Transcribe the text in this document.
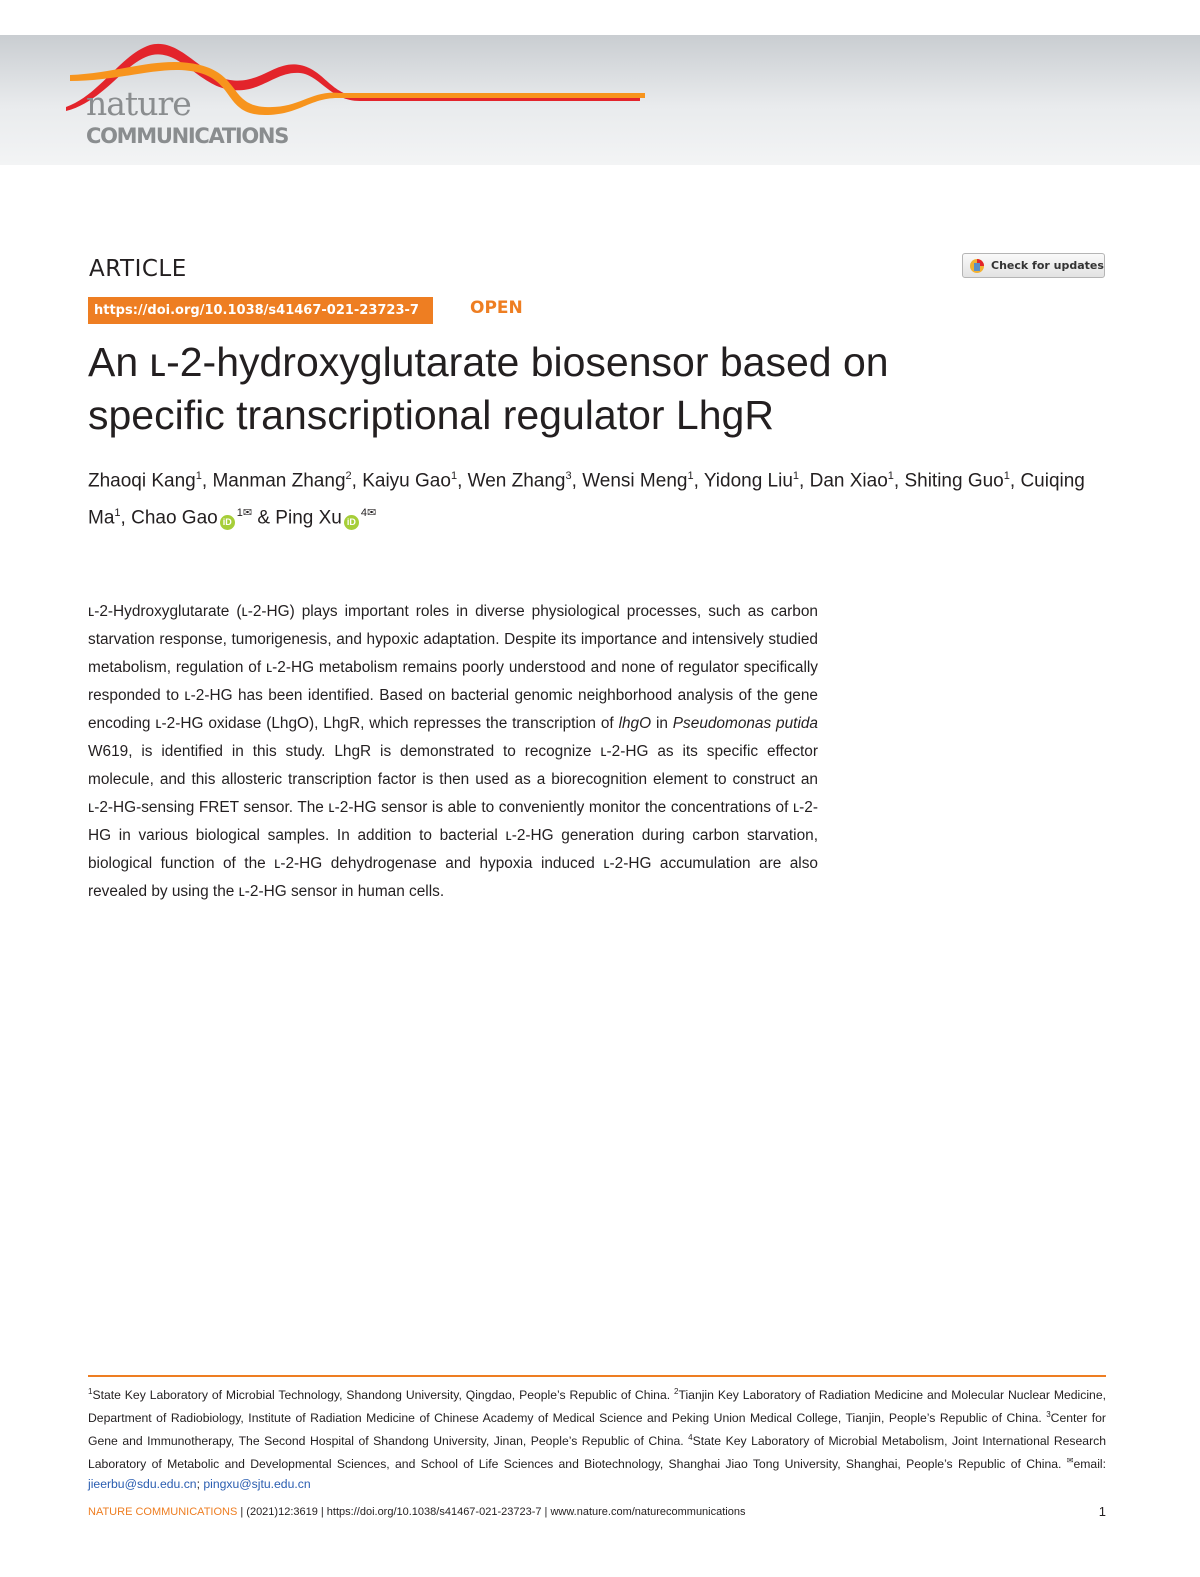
nature
COMMUNICATIONS
ARTICLE	Check for updates
https://doi.org/10.1038/s41467-021-23723-7	OPEN
An ʟ-2-hydroxyglutarate biosensor based on
specific transcriptional regulator LhgR
Zhaoqi Kang$^1$, Manman Zhang$^2$, Kaiyu Gao$^1$, Wen Zhang$^3$, Wensi Meng$^1$, Yidong Liu$^1$, Dan Xiao$^1$, Shiting Guo$^1$, Cuiqing Ma$^1$, Chao Gao $iD^{1✉}$ & Ping Xu $iD^{4✉}$

ʟ-2-Hydroxyglutarate (ʟ-2-HG) plays important roles in diverse physiological processes, such as carbon starvation response, tumorigenesis, and hypoxic adaptation. Despite its importance and intensively studied metabolism, regulation of ʟ-2-HG metabolism remains poorly understood and none of regulator specifically responded to ʟ-2-HG has been identified. Based on bacterial genomic neighborhood analysis of the gene encoding ʟ-2-HG oxidase (LhgO), LhgR, which represses the transcription of lhgO in Pseudomonas putida W619, is identified in this study. LhgR is demonstrated to recognize ʟ-2-HG as its specific effector molecule, and this allosteric transcription factor is then used as a biorecognition element to construct an ʟ-2-HG-sensing FRET sensor. The ʟ-2-HG sensor is able to conveniently monitor the concentrations of ʟ-2-HG in various biological samples. In addition to bacterial ʟ-2-HG generation during carbon starvation, biological function of the ʟ-2-HG dehydrogenase and hypoxia induced ʟ-2-HG accumulation are also revealed by using the ʟ-2-HG sensor in human cells.

$^1$State Key Laboratory of Microbial Technology, Shandong University, Qingdao, People’s Republic of China. $^2$Tianjin Key Laboratory of Radiation Medicine and Molecular Nuclear Medicine, Department of Radiobiology, Institute of Radiation Medicine of Chinese Academy of Medical Science and Peking Union Medical College, Tianjin, People’s Republic of China. $^3$Center for Gene and Immunotherapy, The Second Hospital of Shandong University, Jinan, People’s Republic of China. $^4$State Key Laboratory of Microbial Metabolism, Joint International Research Laboratory of Metabolic and Developmental Sciences, and School of Life Sciences and Biotechnology, Shanghai Jiao Tong University, Shanghai, People’s Republic of China. ✉email: jieerbu@sdu.edu.cn; pingxu@sjtu.edu.cn

NATURE COMMUNICATIONS | (2021)12:3619 | https://doi.org/10.1038/s41467-021-23723-7 | www.nature.com/naturecommunications	1
